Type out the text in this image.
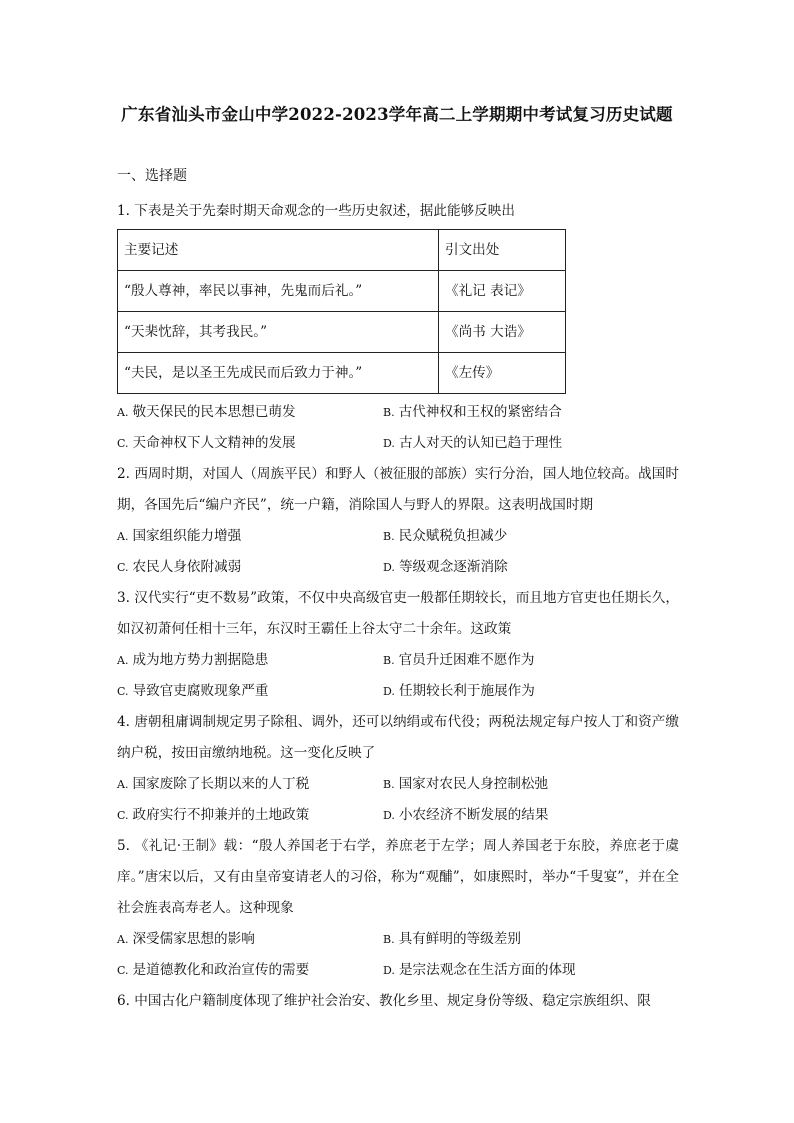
广东省汕头市金山中学2022-2023学年高二上学期期中考试复习历史试题
一、选择题
1. 下表是关于先秦时期天命观念的一些历史叙述，据此能够反映出
主要记述	引文出处
“殷人尊神，率民以事神，先鬼而后礼。”	《礼记 表记》
“天棐忱辞，其考我民。”	《尚书 大诰》
“夫民，是以圣王先成民而后致力于神。”	《左传》
A. 敬天保民的民本思想已萌发	B. 古代神权和王权的紧密结合
C. 天命神权下人文精神的发展	D. 古人对天的认知已趋于理性
2. 西周时期，对国人（周族平民）和野人（被征服的部族）实行分治，国人地位较高。战国时期，各国先后“编户齐民”，统一户籍，消除国人与野人的界限。这表明战国时期
A. 国家组织能力增强	B. 民众赋税负担减少
C. 农民人身依附减弱	D. 等级观念逐渐消除
3. 汉代实行“吏不数易”政策，不仅中央高级官吏一般都任期较长，而且地方官吏也任期长久，如汉初萧何任相十三年，东汉时王霸任上谷太守二十余年。这政策
A. 成为地方势力割据隐患	B. 官员升迁困难不愿作为
C. 导致官吏腐败现象严重	D. 任期较长利于施展作为
4. 唐朝租庸调制规定男子除租、调外，还可以纳绢或布代役；两税法规定每户按人丁和资产缴纳户税，按田亩缴纳地税。这一变化反映了
A. 国家废除了长期以来的人丁税	B. 国家对农民人身控制松弛
C. 政府实行不抑兼并的土地政策	D. 小农经济不断发展的结果
5. 《礼记·王制》载：“殷人养国老于右学，养庶老于左学；周人养国老于东胶，养庶老于虞庠。”唐宋以后，又有由皇帝宴请老人的习俗，称为“观酺”，如康熙时，举办“千叟宴”，并在全社会旌表高寿老人。这种现象
A. 深受儒家思想的影响	B. 具有鲜明的等级差别
C. 是道德教化和政治宣传的需要	D. 是宗法观念在生活方面的体现
6. 中国古化户籍制度体现了维护社会治安、教化乡里、规定身份等级、稳定宗族组织、限
